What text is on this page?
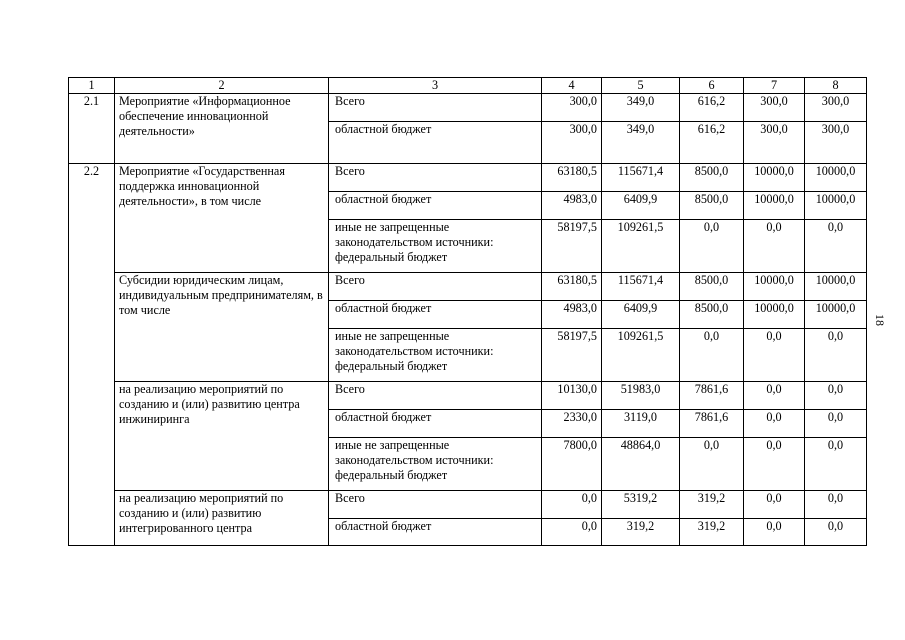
1	2	3	4	5	6	7	8
2.1	Мероприятие «Информационное обеспечение инновационной деятельности»	Всего	300,0	349,0	616,2	300,0	300,0
		областной бюджет	300,0	349,0	616,2	300,0	300,0
2.2	Мероприятие «Государственная поддержка инновационной деятельности», в том числе	Всего	63180,5	115671,4	8500,0	10000,0	10000,0
		областной бюджет	4983,0	6409,9	8500,0	10000,0	10000,0
		иные не запрещенные законодательством источники: федеральный бюджет	58197,5	109261,5	0,0	0,0	0,0
	Субсидии юридическим лицам, индивидуальным предпринимателям, в том числе	Всего	63180,5	115671,4	8500,0	10000,0	10000,0
		областной бюджет	4983,0	6409,9	8500,0	10000,0	10000,0
		иные не запрещенные законодательством источники: федеральный бюджет	58197,5	109261,5	0,0	0,0	0,0
	на реализацию мероприятий по созданию и (или) развитию центра инжиниринга	Всего	10130,0	51983,0	7861,6	0,0	0,0
		областной бюджет	2330,0	3119,0	7861,6	0,0	0,0
		иные не запрещенные законодательством источники: федеральный бюджет	7800,0	48864,0	0,0	0,0	0,0
	на реализацию мероприятий по созданию и (или) развитию интегрированного центра	Всего	0,0	5319,2	319,2	0,0	0,0
		областной бюджет	0,0	319,2	319,2	0,0	0,0
18
